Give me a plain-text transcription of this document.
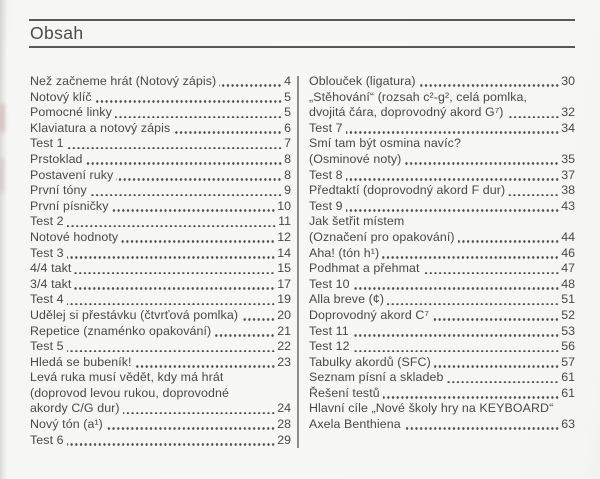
Obsah
Než začneme hrát (Notový zápis)	4
Notový klíč	5
Pomocné linky	5
Klaviatura a notový zápis	6
Test 1	7
Prstoklad	8
Postavení ruky	8
První tóny	9
První písničky	10
Test 2	11
Notové hodnoty	12
Test 3	14
4/4 takt	15
3/4 takt	17
Test 4	19
Udělej si přestávku (čtvrťová pomlka)	20
Repetice (znaménko opakování)	21
Test 5	22
Hledá se bubeník!	23
Levá ruka musí vědět, kdy má hrát
(doprovod levou rukou, doprovodné
akordy C/G dur)	24
Nový tón (a¹)	28
Test 6	29
Oblouček (ligatura)	30
„Stěhování“ (rozsah c²-g², celá pomlka,
dvojitá čára, doprovodný akord G⁷)	32
Test 7	34
Smí tam být osmina navíc?
(Osminové noty)	35
Test 8	37
Předtaktí (doprovodný akord F dur)	38
Test 9	43
Jak šetřit místem
(Označení pro opakování)	44
Aha! (tón h¹)	46
Podhmat a přehmat	47
Test 10	48
Alla breve (¢)	51
Doprovodný akord C⁷	52
Test 11	53
Test 12	56
Tabulky akordů (SFC)	57
Seznam písní a skladeb	61
Řešení testů	61
Hlavní cíle „Nové školy hry na KEYBOARD“
Axela Benthiena	63
